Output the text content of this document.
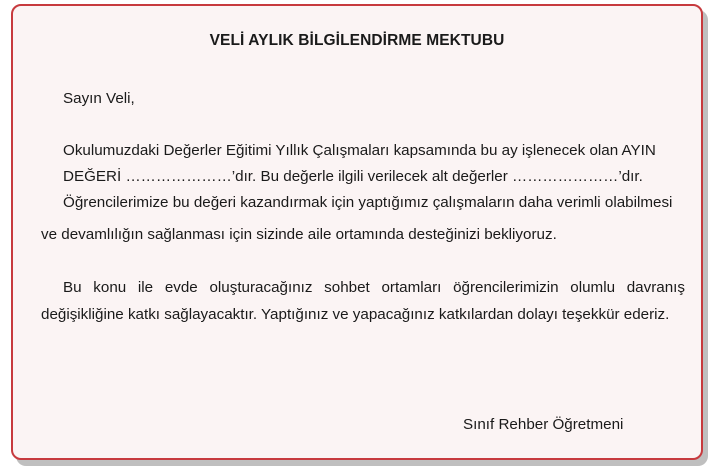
VELİ AYLIK BİLGİLENDİRME MEKTUBU
Sayın Veli,
Okulumuzdaki Değerler Eğitimi Yıllık Çalışmaları kapsamında bu ay işlenecek olan AYIN
DEĞERİ …………………’dır. Bu değerle ilgili verilecek alt değerler …………………’dır.
Öğrencilerimize bu değeri kazandırmak için yaptığımız çalışmaların daha verimli olabilmesi
ve devamlılığın sağlanması için sizinde aile ortamında desteğinizi bekliyoruz.
Bu konu ile evde oluşturacağınız sohbet ortamları öğrencilerimizin olumlu davranış
değişikliğine katkı sağlayacaktır. Yaptığınız ve yapacağınız katkılardan dolayı teşekkür ederiz.
Sınıf Rehber Öğretmeni
